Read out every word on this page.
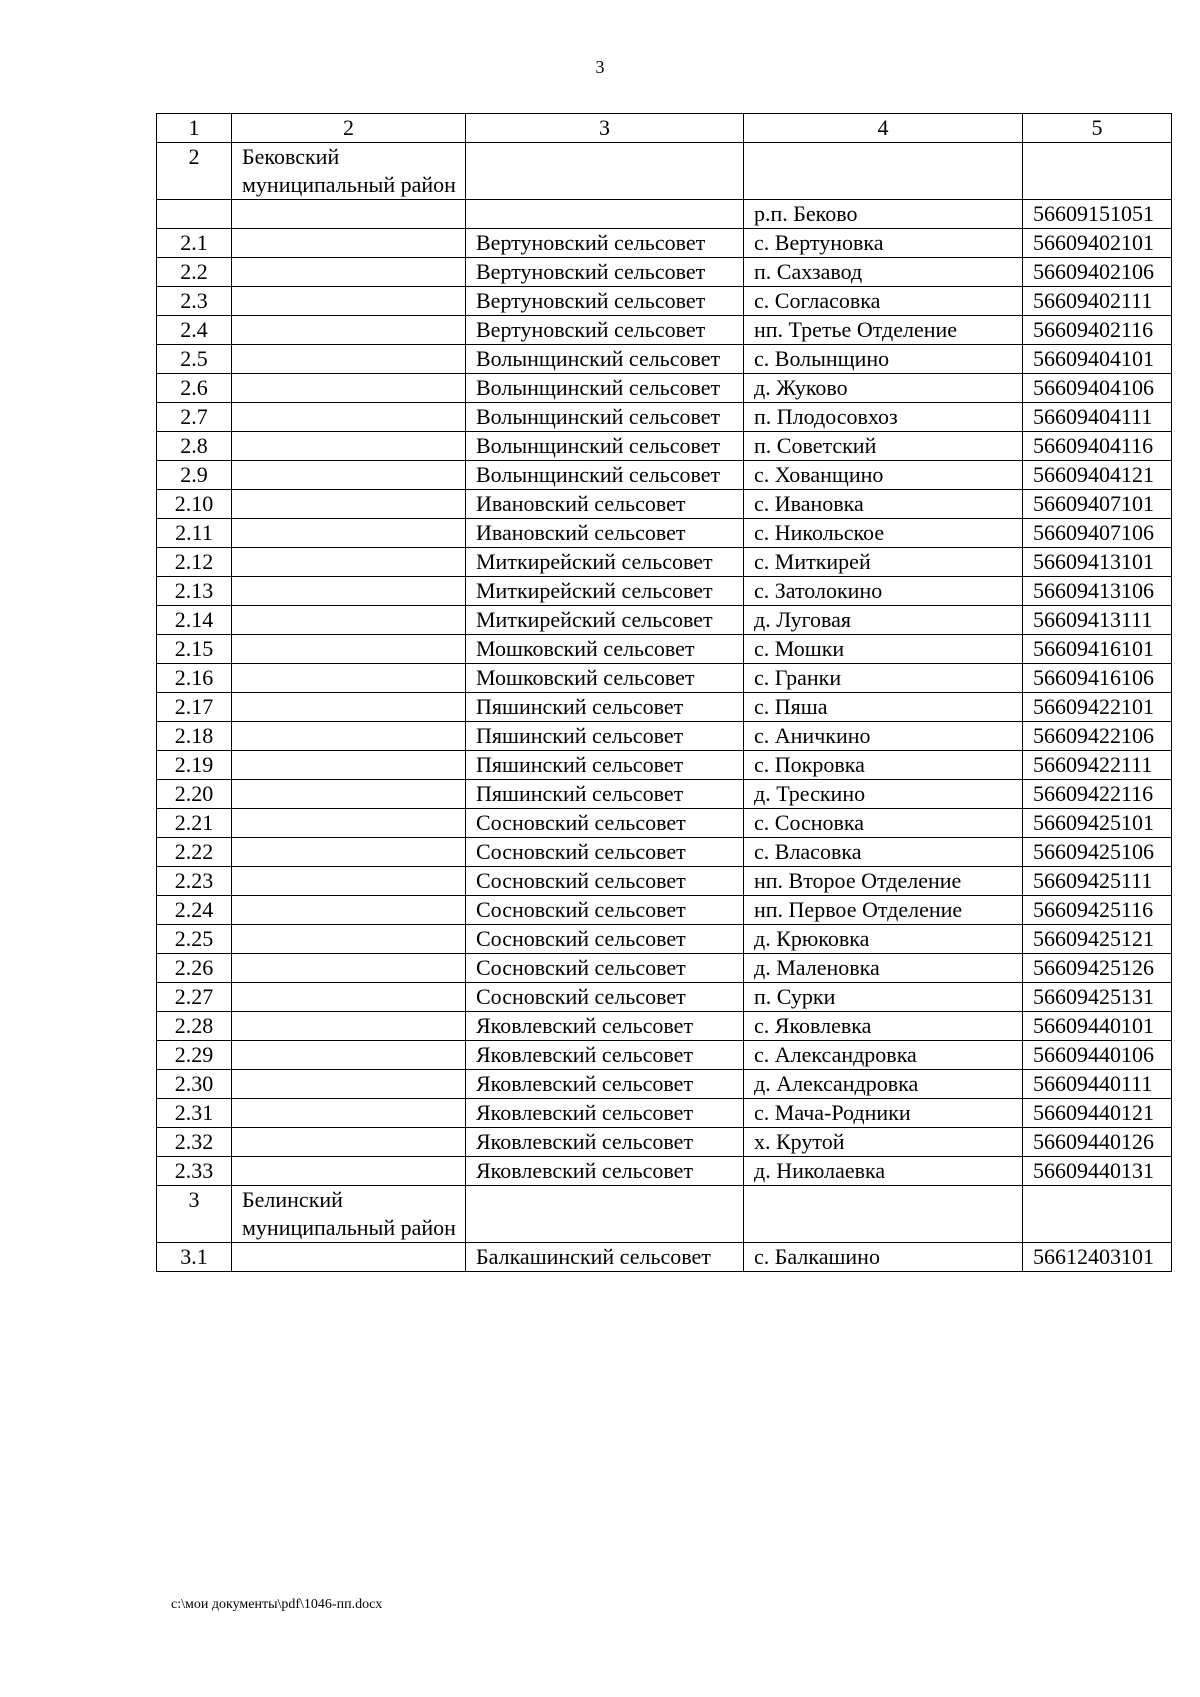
3
1	2	3	4	5
2	Бековский муниципальный район			
			р.п. Беково	56609151051
2.1		Вертуновский сельсовет	с. Вертуновка	56609402101
2.2		Вертуновский сельсовет	п. Сахзавод	56609402106
2.3		Вертуновский сельсовет	с. Согласовка	56609402111
2.4		Вертуновский сельсовет	нп. Третье Отделение	56609402116
2.5		Волынщинский сельсовет	с. Волынщино	56609404101
2.6		Волынщинский сельсовет	д. Жуково	56609404106
2.7		Волынщинский сельсовет	п. Плодосовхоз	56609404111
2.8		Волынщинский сельсовет	п. Советский	56609404116
2.9		Волынщинский сельсовет	с. Хованщино	56609404121
2.10		Ивановский сельсовет	с. Ивановка	56609407101
2.11		Ивановский сельсовет	с. Никольское	56609407106
2.12		Миткирейский сельсовет	с. Миткирей	56609413101
2.13		Миткирейский сельсовет	с. Затолокино	56609413106
2.14		Миткирейский сельсовет	д. Луговая	56609413111
2.15		Мошковский сельсовет	с. Мошки	56609416101
2.16		Мошковский сельсовет	с. Гранки	56609416106
2.17		Пяшинский сельсовет	с. Пяша	56609422101
2.18		Пяшинский сельсовет	с. Аничкино	56609422106
2.19		Пяшинский сельсовет	с. Покровка	56609422111
2.20		Пяшинский сельсовет	д. Трескино	56609422116
2.21		Сосновский сельсовет	с. Сосновка	56609425101
2.22		Сосновский сельсовет	с. Власовка	56609425106
2.23		Сосновский сельсовет	нп. Второе Отделение	56609425111
2.24		Сосновский сельсовет	нп. Первое Отделение	56609425116
2.25		Сосновский сельсовет	д. Крюковка	56609425121
2.26		Сосновский сельсовет	д. Маленовка	56609425126
2.27		Сосновский сельсовет	п. Сурки	56609425131
2.28		Яковлевский сельсовет	с. Яковлевка	56609440101
2.29		Яковлевский сельсовет	с. Александровка	56609440106
2.30		Яковлевский сельсовет	д. Александровка	56609440111
2.31		Яковлевский сельсовет	с. Мача-Родники	56609440121
2.32		Яковлевский сельсовет	х. Крутой	56609440126
2.33		Яковлевский сельсовет	д. Николаевка	56609440131
3	Белинский муниципальный район			
3.1		Балкашинский сельсовет	с. Балкашино	56612403101
c:\мои документы\pdf\1046-пп.docx
